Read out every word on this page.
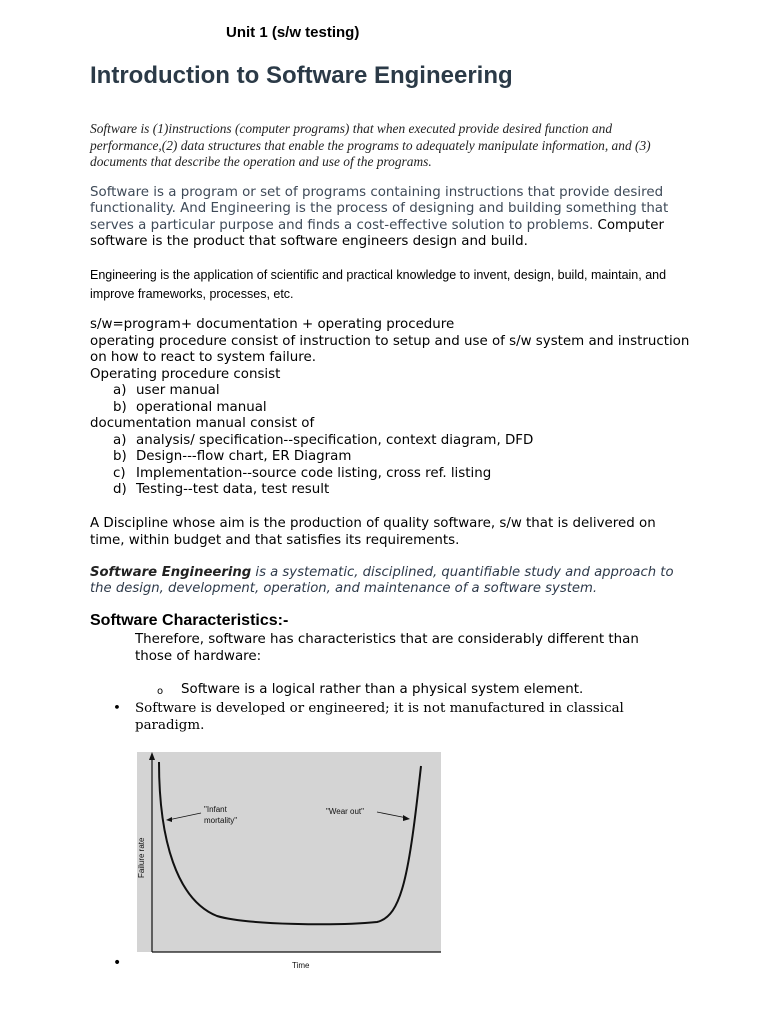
Unit 1 (s/w testing)
Introduction to Software Engineering
Software is (1)instructions (computer programs) that when executed provide desired function and performance,(2) data structures that enable the programs to adequately manipulate information, and (3) documents that describe the operation and use of the programs.
Software is a program or set of programs containing instructions that provide desired functionality. And Engineering is the process of designing and building something that serves a particular purpose and finds a cost-effective solution to problems. Computer software is the product that software engineers design and build.
Engineering is the application of scientific and practical knowledge to invent, design, build, maintain, and improve frameworks, processes, etc.

s/w=program+ documentation + operating procedure

operating procedure consist of instruction to setup and use of s/w system and instruction on how to react to system failure.

Operating procedure consist

a) user manual
b) operational manual

documentation manual consist of

a) analysis/ specification--specification, context diagram, DFD
b) Design---flow chart, ER Diagram
c) Implementation--source code listing, cross ref. listing
d) Testing--test data, test result
A Discipline whose aim is the production of quality software, s/w that is delivered on time, within budget and that satisfies its requirements.
Software Engineering is a systematic, disciplined, quantifiable study and approach to the design, development, operation, and maintenance of a software system.
Software Characteristics:-
Therefore, software has characteristics that are considerably different than those of hardware:
o Software is a logical rather than a physical system element.
• Software is developed or engineered; it is not manufactured in classical paradigm.
"Infant
mortality"
"Wear out"
Failure rate
Time
•
